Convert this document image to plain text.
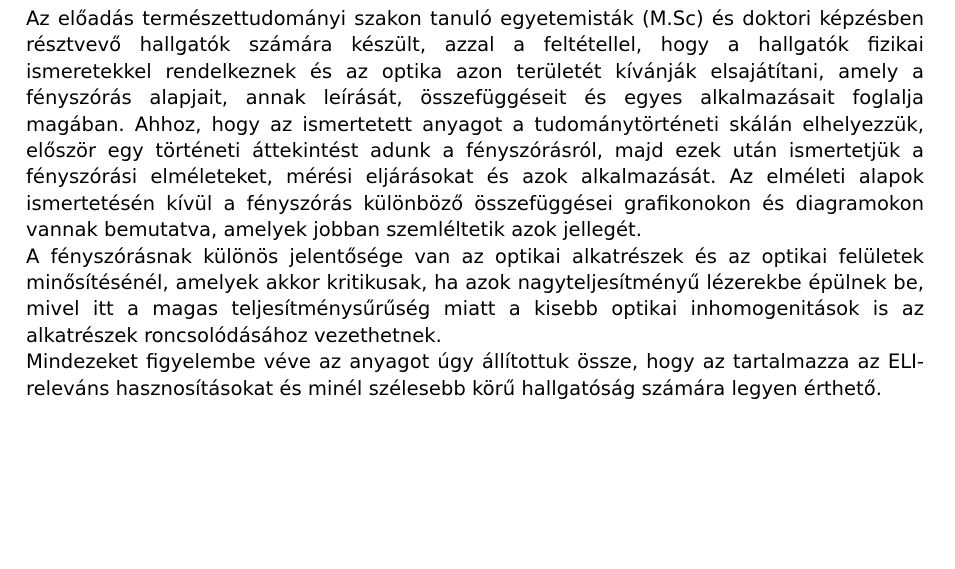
Az előadás természettudományi szakon tanuló egyetemisták (M.Sc) és doktori képzésben résztvevő hallgatók számára készült, azzal a feltétellel, hogy a hallgatók fizikai ismeretekkel rendelkeznek és az optika azon területét kívánják elsajátítani, amely a fényszórás alapjait, annak leírását, összefüggéseit és egyes alkalmazásait foglalja magában. Ahhoz, hogy az ismertetett anyagot a tudománytörténeti skálán elhelyezzük, először egy történeti áttekintést adunk a fényszórásról, majd ezek után ismertetjük a fényszórási elméleteket, mérési eljárásokat és azok alkalmazását. Az elméleti alapok ismertetésén kívül a fényszórás különböző összefüggései grafikonokon és diagramokon vannak bemutatva, amelyek jobban szemléltetik azok jellegét.

A fényszórásnak különös jelentősége van az optikai alkatrészek és az optikai felületek minősítésénél, amelyek akkor kritikusak, ha azok nagyteljesítményű lézerekbe épülnek be, mivel itt a magas teljesítménysűrűség miatt a kisebb optikai inhomogenitások is az alkatrészek roncsolódásához vezethetnek.

Mindezeket figyelembe véve az anyagot úgy állítottuk össze, hogy az tartalmazza az ELI-releváns hasznosításokat és minél szélesebb körű hallgatóság számára legyen érthető.
